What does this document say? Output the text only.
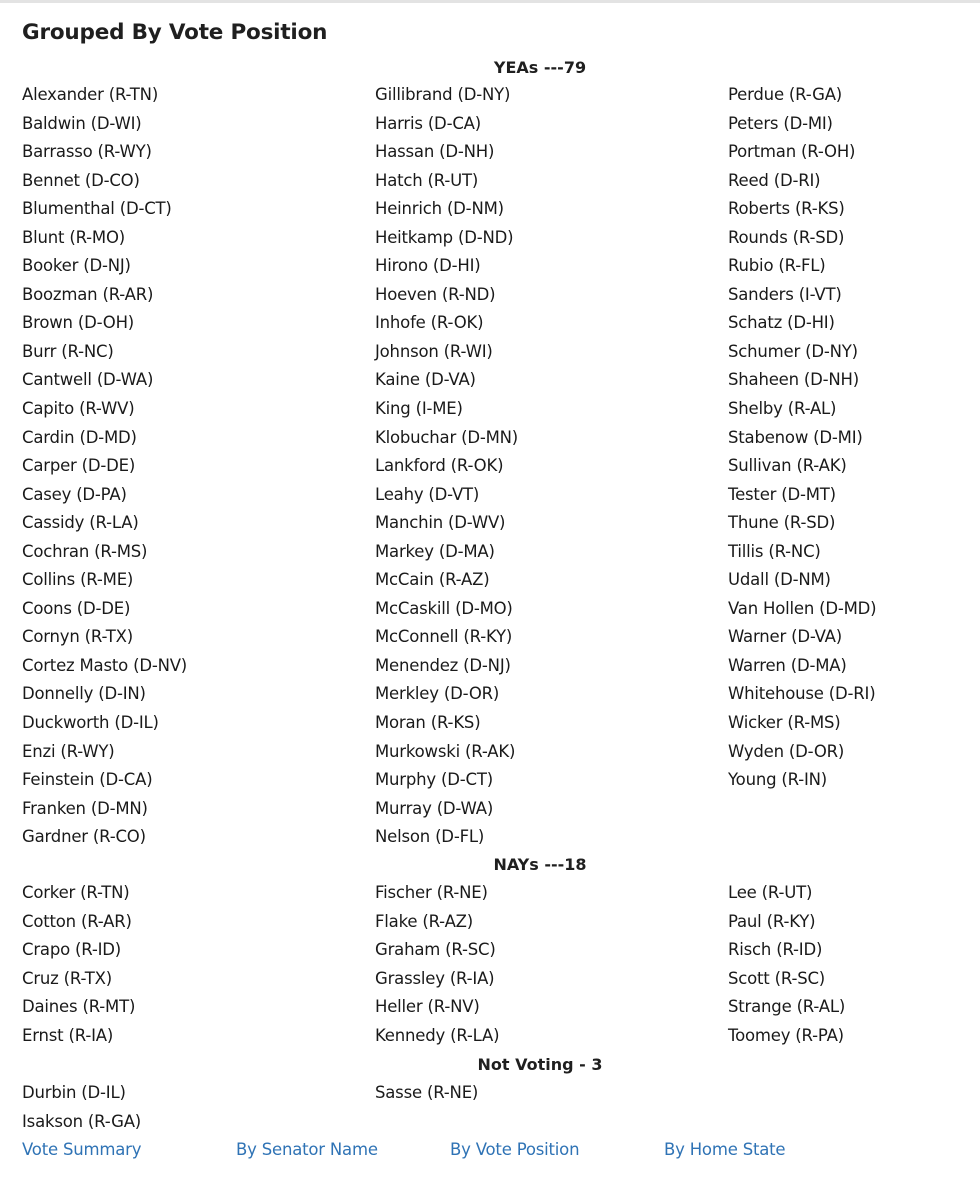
Grouped By Vote Position
YEAs ---79
Alexander (R-TN)
Baldwin (D-WI)
Barrasso (R-WY)
Bennet (D-CO)
Blumenthal (D-CT)
Blunt (R-MO)
Booker (D-NJ)
Boozman (R-AR)
Brown (D-OH)
Burr (R-NC)
Cantwell (D-WA)
Capito (R-WV)
Cardin (D-MD)
Carper (D-DE)
Casey (D-PA)
Cassidy (R-LA)
Cochran (R-MS)
Collins (R-ME)
Coons (D-DE)
Cornyn (R-TX)
Cortez Masto (D-NV)
Donnelly (D-IN)
Duckworth (D-IL)
Enzi (R-WY)
Feinstein (D-CA)
Franken (D-MN)
Gardner (R-CO)
Gillibrand (D-NY)
Harris (D-CA)
Hassan (D-NH)
Hatch (R-UT)
Heinrich (D-NM)
Heitkamp (D-ND)
Hirono (D-HI)
Hoeven (R-ND)
Inhofe (R-OK)
Johnson (R-WI)
Kaine (D-VA)
King (I-ME)
Klobuchar (D-MN)
Lankford (R-OK)
Leahy (D-VT)
Manchin (D-WV)
Markey (D-MA)
McCain (R-AZ)
McCaskill (D-MO)
McConnell (R-KY)
Menendez (D-NJ)
Merkley (D-OR)
Moran (R-KS)
Murkowski (R-AK)
Murphy (D-CT)
Murray (D-WA)
Nelson (D-FL)
Perdue (R-GA)
Peters (D-MI)
Portman (R-OH)
Reed (D-RI)
Roberts (R-KS)
Rounds (R-SD)
Rubio (R-FL)
Sanders (I-VT)
Schatz (D-HI)
Schumer (D-NY)
Shaheen (D-NH)
Shelby (R-AL)
Stabenow (D-MI)
Sullivan (R-AK)
Tester (D-MT)
Thune (R-SD)
Tillis (R-NC)
Udall (D-NM)
Van Hollen (D-MD)
Warner (D-VA)
Warren (D-MA)
Whitehouse (D-RI)
Wicker (R-MS)
Wyden (D-OR)
Young (R-IN)
NAYs ---18
Corker (R-TN)
Cotton (R-AR)
Crapo (R-ID)
Cruz (R-TX)
Daines (R-MT)
Ernst (R-IA)
Fischer (R-NE)
Flake (R-AZ)
Graham (R-SC)
Grassley (R-IA)
Heller (R-NV)
Kennedy (R-LA)
Lee (R-UT)
Paul (R-KY)
Risch (R-ID)
Scott (R-SC)
Strange (R-AL)
Toomey (R-PA)
Not Voting - 3
Durbin (D-IL)
Isakson (R-GA)
Sasse (R-NE)
Vote Summary	By Senator Name	By Vote Position	By Home State
